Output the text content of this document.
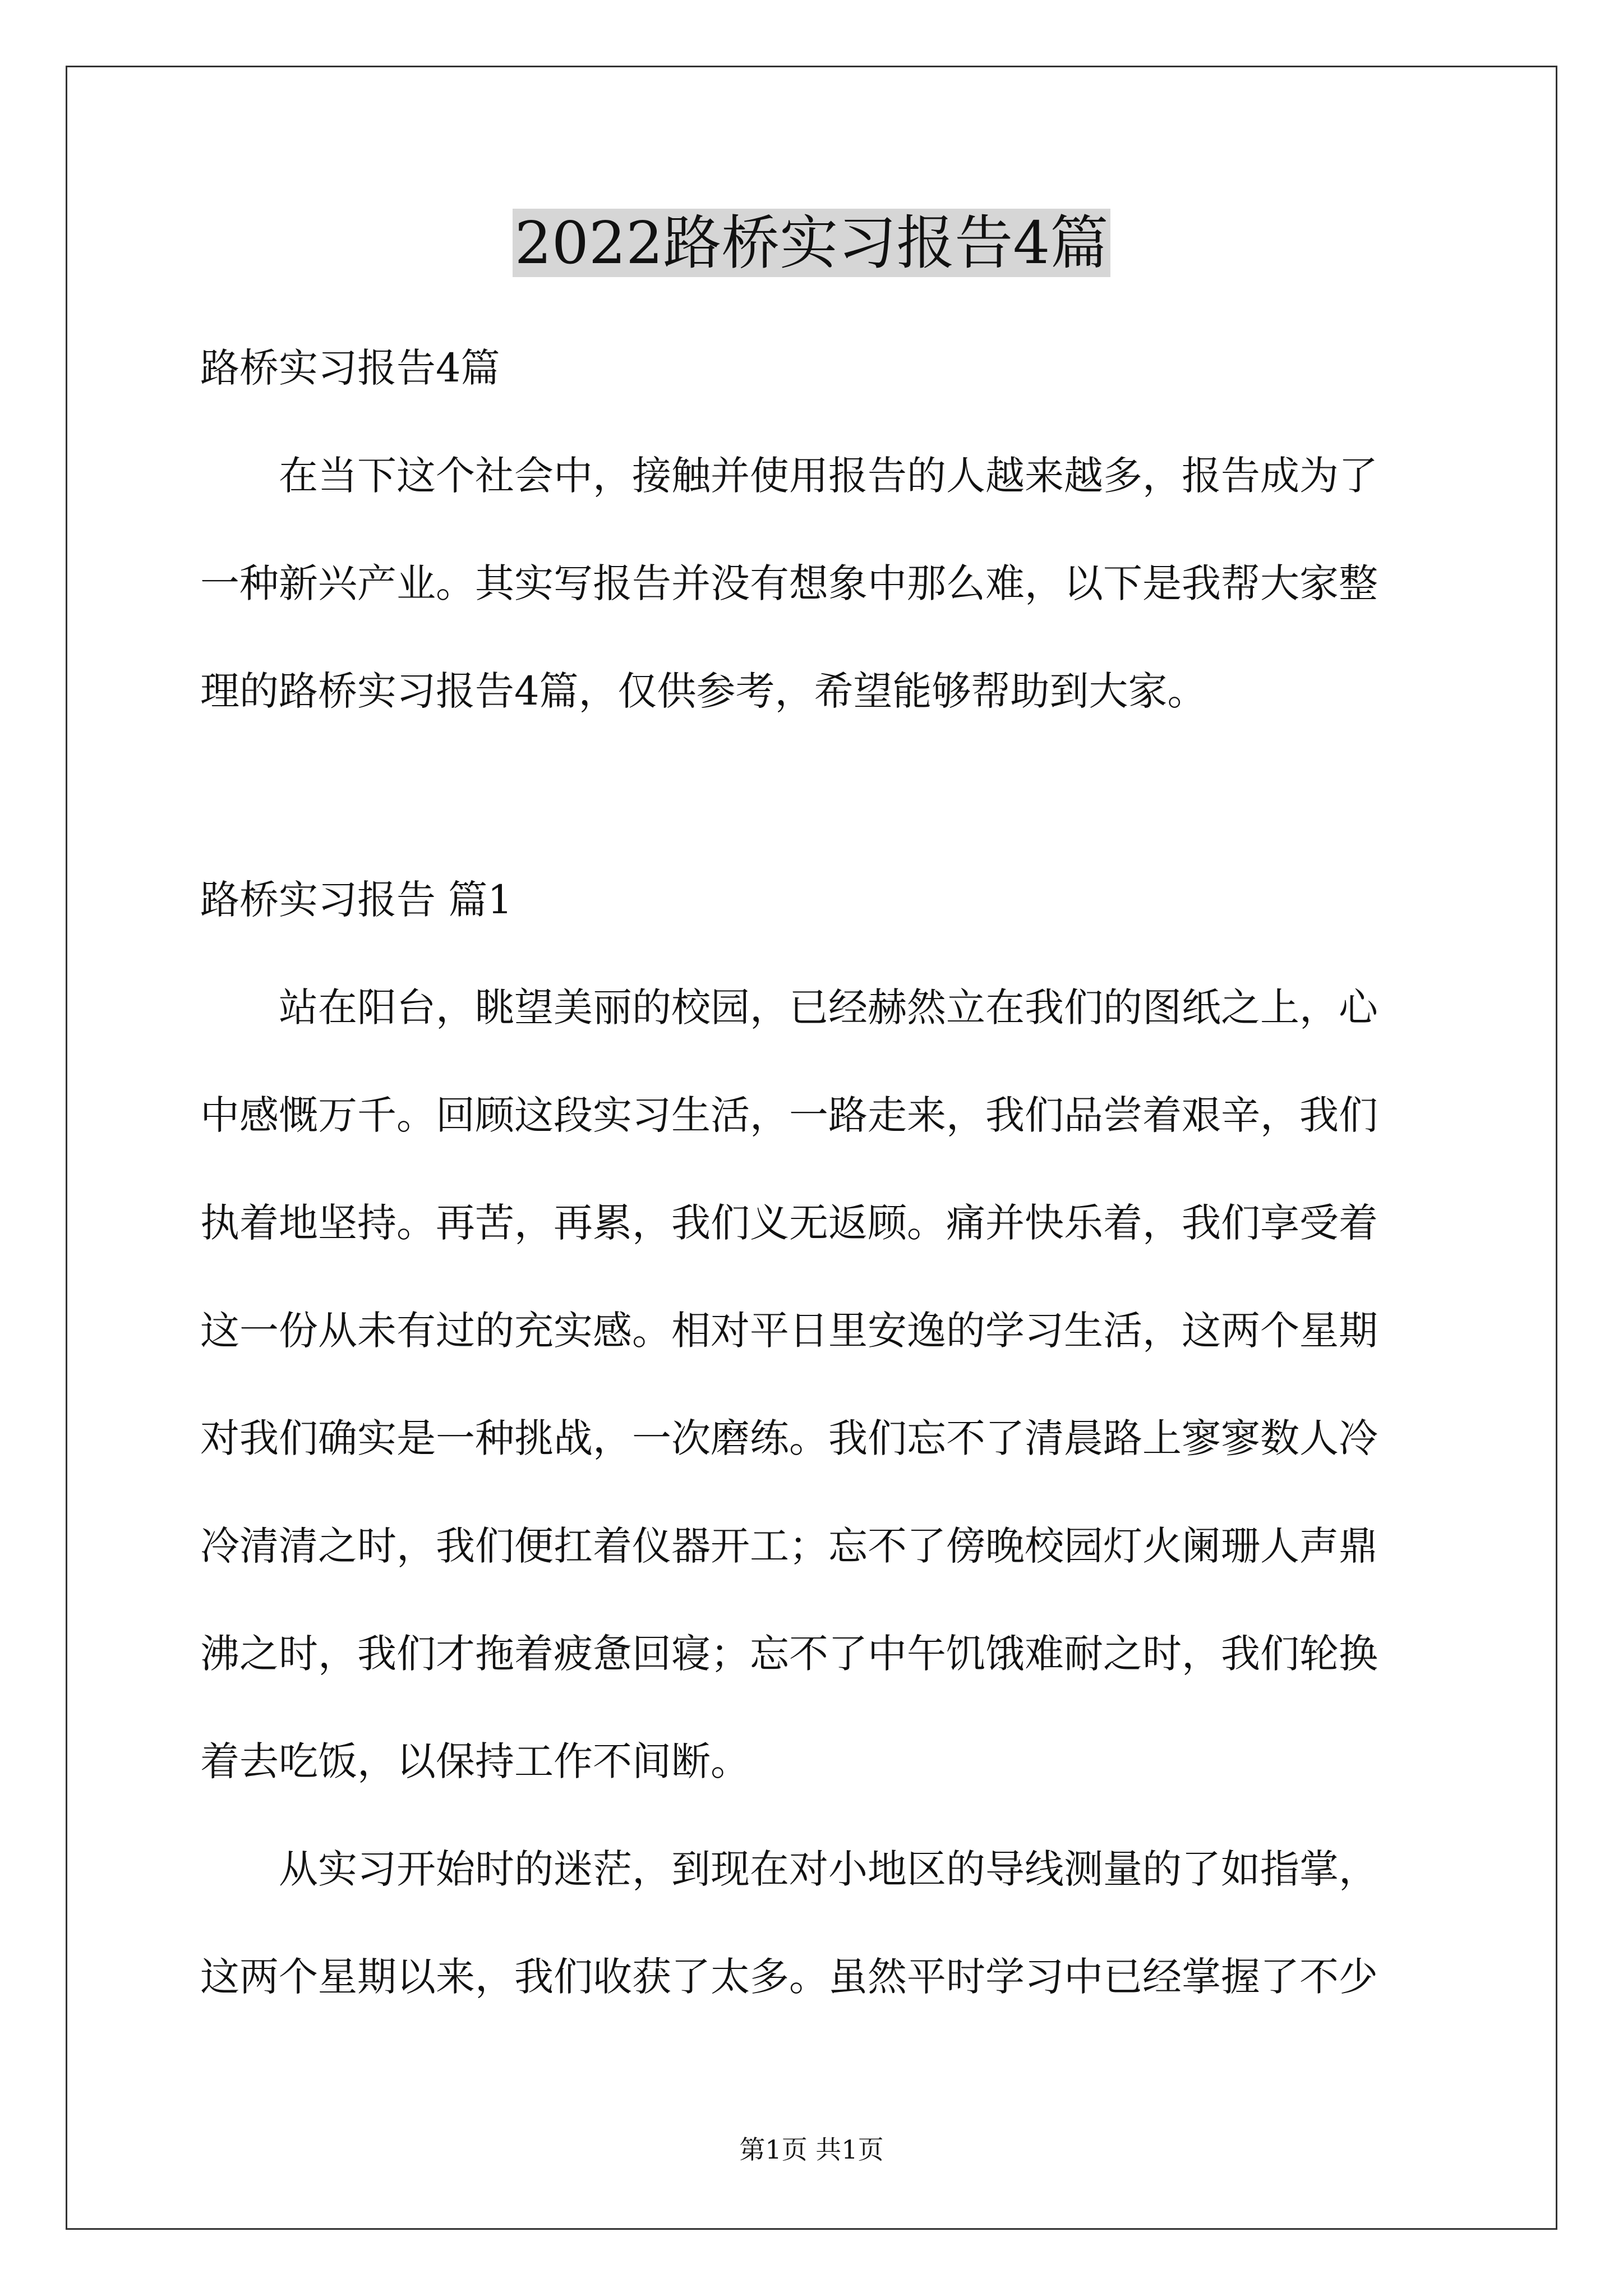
2022路桥实习报告4篇

路桥实习报告4篇

在当下这个社会中，接触并使用报告的人越来越多，报告成为了

一种新兴产业。其实写报告并没有想象中那么难，以下是我帮大家整

理的路桥实习报告4篇，仅供参考，希望能够帮助到大家。

路桥实习报告 篇1

站在阳台，眺望美丽的校园，已经赫然立在我们的图纸之上，心

中感慨万千。回顾这段实习生活，一路走来，我们品尝着艰辛，我们

执着地坚持。再苦，再累，我们义无返顾。痛并快乐着，我们享受着

这一份从未有过的充实感。相对平日里安逸的学习生活，这两个星期

对我们确实是一种挑战，一次磨练。我们忘不了清晨路上寥寥数人冷

冷清清之时，我们便扛着仪器开工；忘不了傍晚校园灯火阑珊人声鼎

沸之时，我们才拖着疲惫回寝；忘不了中午饥饿难耐之时，我们轮换

着去吃饭，以保持工作不间断。

从实习开始时的迷茫，到现在对小地区的导线测量的了如指掌，

这两个星期以来，我们收获了太多。虽然平时学习中已经掌握了不少

第1页 共1页
